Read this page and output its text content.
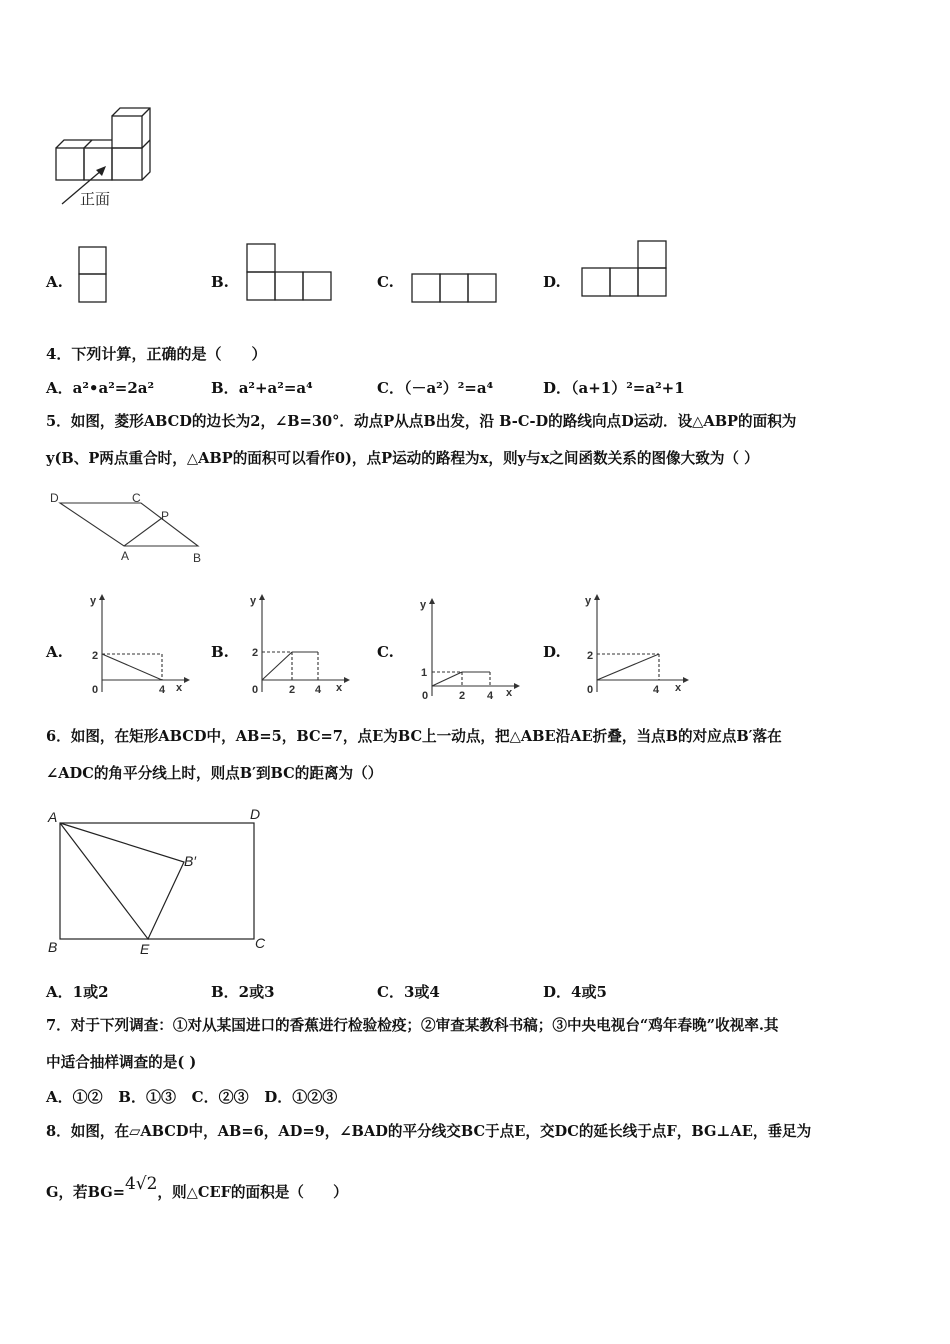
正面
A.	B.	C.	D.
4．下列计算，正确的是（　　）
A．a²•a²=2a²	B．a²+a²=a⁴	C．（－a²）²=a⁴	D．（a+1）²=a²+1
5．如图，菱形ABCD的边长为2，∠B=30°．动点P从点B出发，沿 B-C-D的路线向点D运动．设△ABP的面积为
y(B、P两点重合时，△ABP的面积可以看作0)，点P运动的路程为x，则y与x之间函数关系的图像大致为（ ）
D	C
P
A	B
A.
y
2
0	4 x
B.
y
2
0	2 4 x
C.
y
1
0	2 4 x
D.
y
2
0	4 x
6．如图，在矩形ABCD中，AB=5，BC=7，点E为BC上一动点，把△ABE沿AE折叠，当点B的对应点B′落在
∠ADC的角平分线上时，则点B′到BC的距离为（）
A	D
B′
B	E	C
A．1或2	B．2或3	C．3或4	D．4或5
7．对于下列调查：①对从某国进口的香蕉进行检验检疫；②审查某教科书稿；③中央电视台“鸡年春晚”收视率.其
中适合抽样调查的是( )
A．①②   B．①③   C．②③   D．①②③
8．如图，在▱ABCD中，AB=6，AD=9，∠BAD的平分线交BC于点E，交DC的延长线于点F，BG⊥AE，垂足为
G，若BG=4√2，则△CEF的面积是（　　）
